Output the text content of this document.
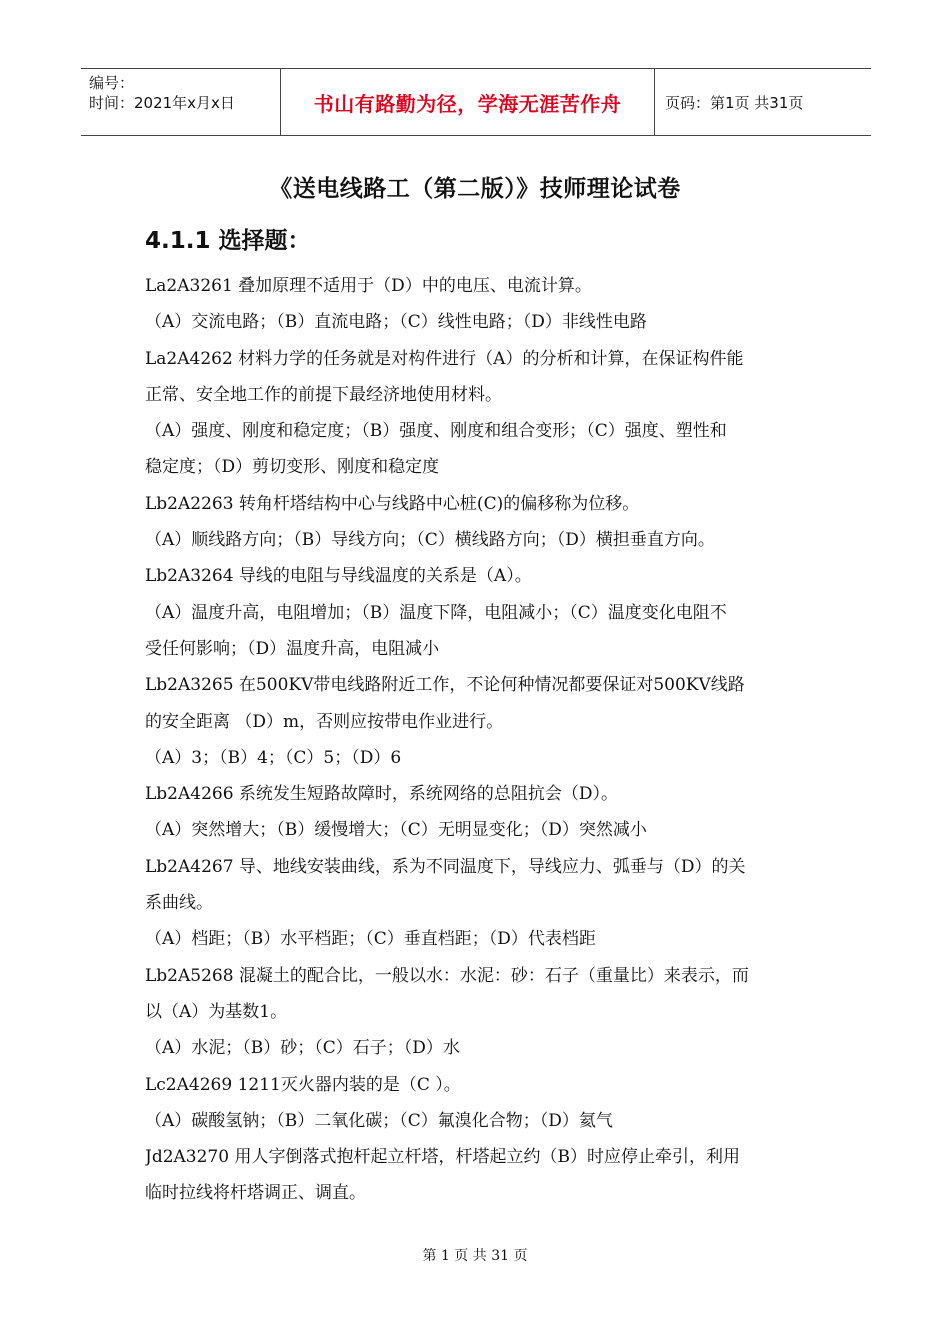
编号：
时间：2021年x月x日	书山有路勤为径，学海无涯苦作舟	页码：第1页 共31页
《送电线路工（第二版）》技师理论试卷
4.1.1 选择题：
La2A3261 叠加原理不适用于（D）中的电压、电流计算。
（A）交流电路；（B）直流电路；（C）线性电路；（D）非线性电路
La2A4262 材料力学的任务就是对构件进行（A）的分析和计算，在保证构件能
正常、安全地工作的前提下最经济地使用材料。
（A）强度、刚度和稳定度；（B）强度、刚度和组合变形；（C）强度、塑性和
稳定度；（D）剪切变形、刚度和稳定度
Lb2A2263 转角杆塔结构中心与线路中心桩(C)的偏移称为位移。
（A）顺线路方向；（B）导线方向；（C）横线路方向；（D）横担垂直方向。
Lb2A3264 导线的电阻与导线温度的关系是（A）。
（A）温度升高，电阻增加；（B）温度下降，电阻减小；（C）温度变化电阻不
受任何影响；（D）温度升高，电阻减小
Lb2A3265 在500KV带电线路附近工作，不论何种情况都要保证对500KV线路
的安全距离 （D）m，否则应按带电作业进行。
（A）3；（B）4；（C）5；（D）6
Lb2A4266 系统发生短路故障时，系统网络的总阻抗会（D）。
（A）突然增大；（B）缓慢增大；（C）无明显变化；（D）突然减小
Lb2A4267 导、地线安装曲线，系为不同温度下，导线应力、弧垂与（D）的关
系曲线。
（A）档距；（B）水平档距；（C）垂直档距；（D）代表档距
Lb2A5268 混凝土的配合比，一般以水：水泥：砂：石子（重量比）来表示，而
以（A）为基数1。
（A）水泥；（B）砂；（C）石子；（D）水
Lc2A4269 1211灭火器内装的是（C ）。
（A）碳酸氢钠；（B）二氧化碳；（C）氟溴化合物；（D）氦气
Jd2A3270 用人字倒落式抱杆起立杆塔，杆塔起立约（B）时应停止牵引，利用
临时拉线将杆塔调正、调直。
第 1 页 共 31 页
